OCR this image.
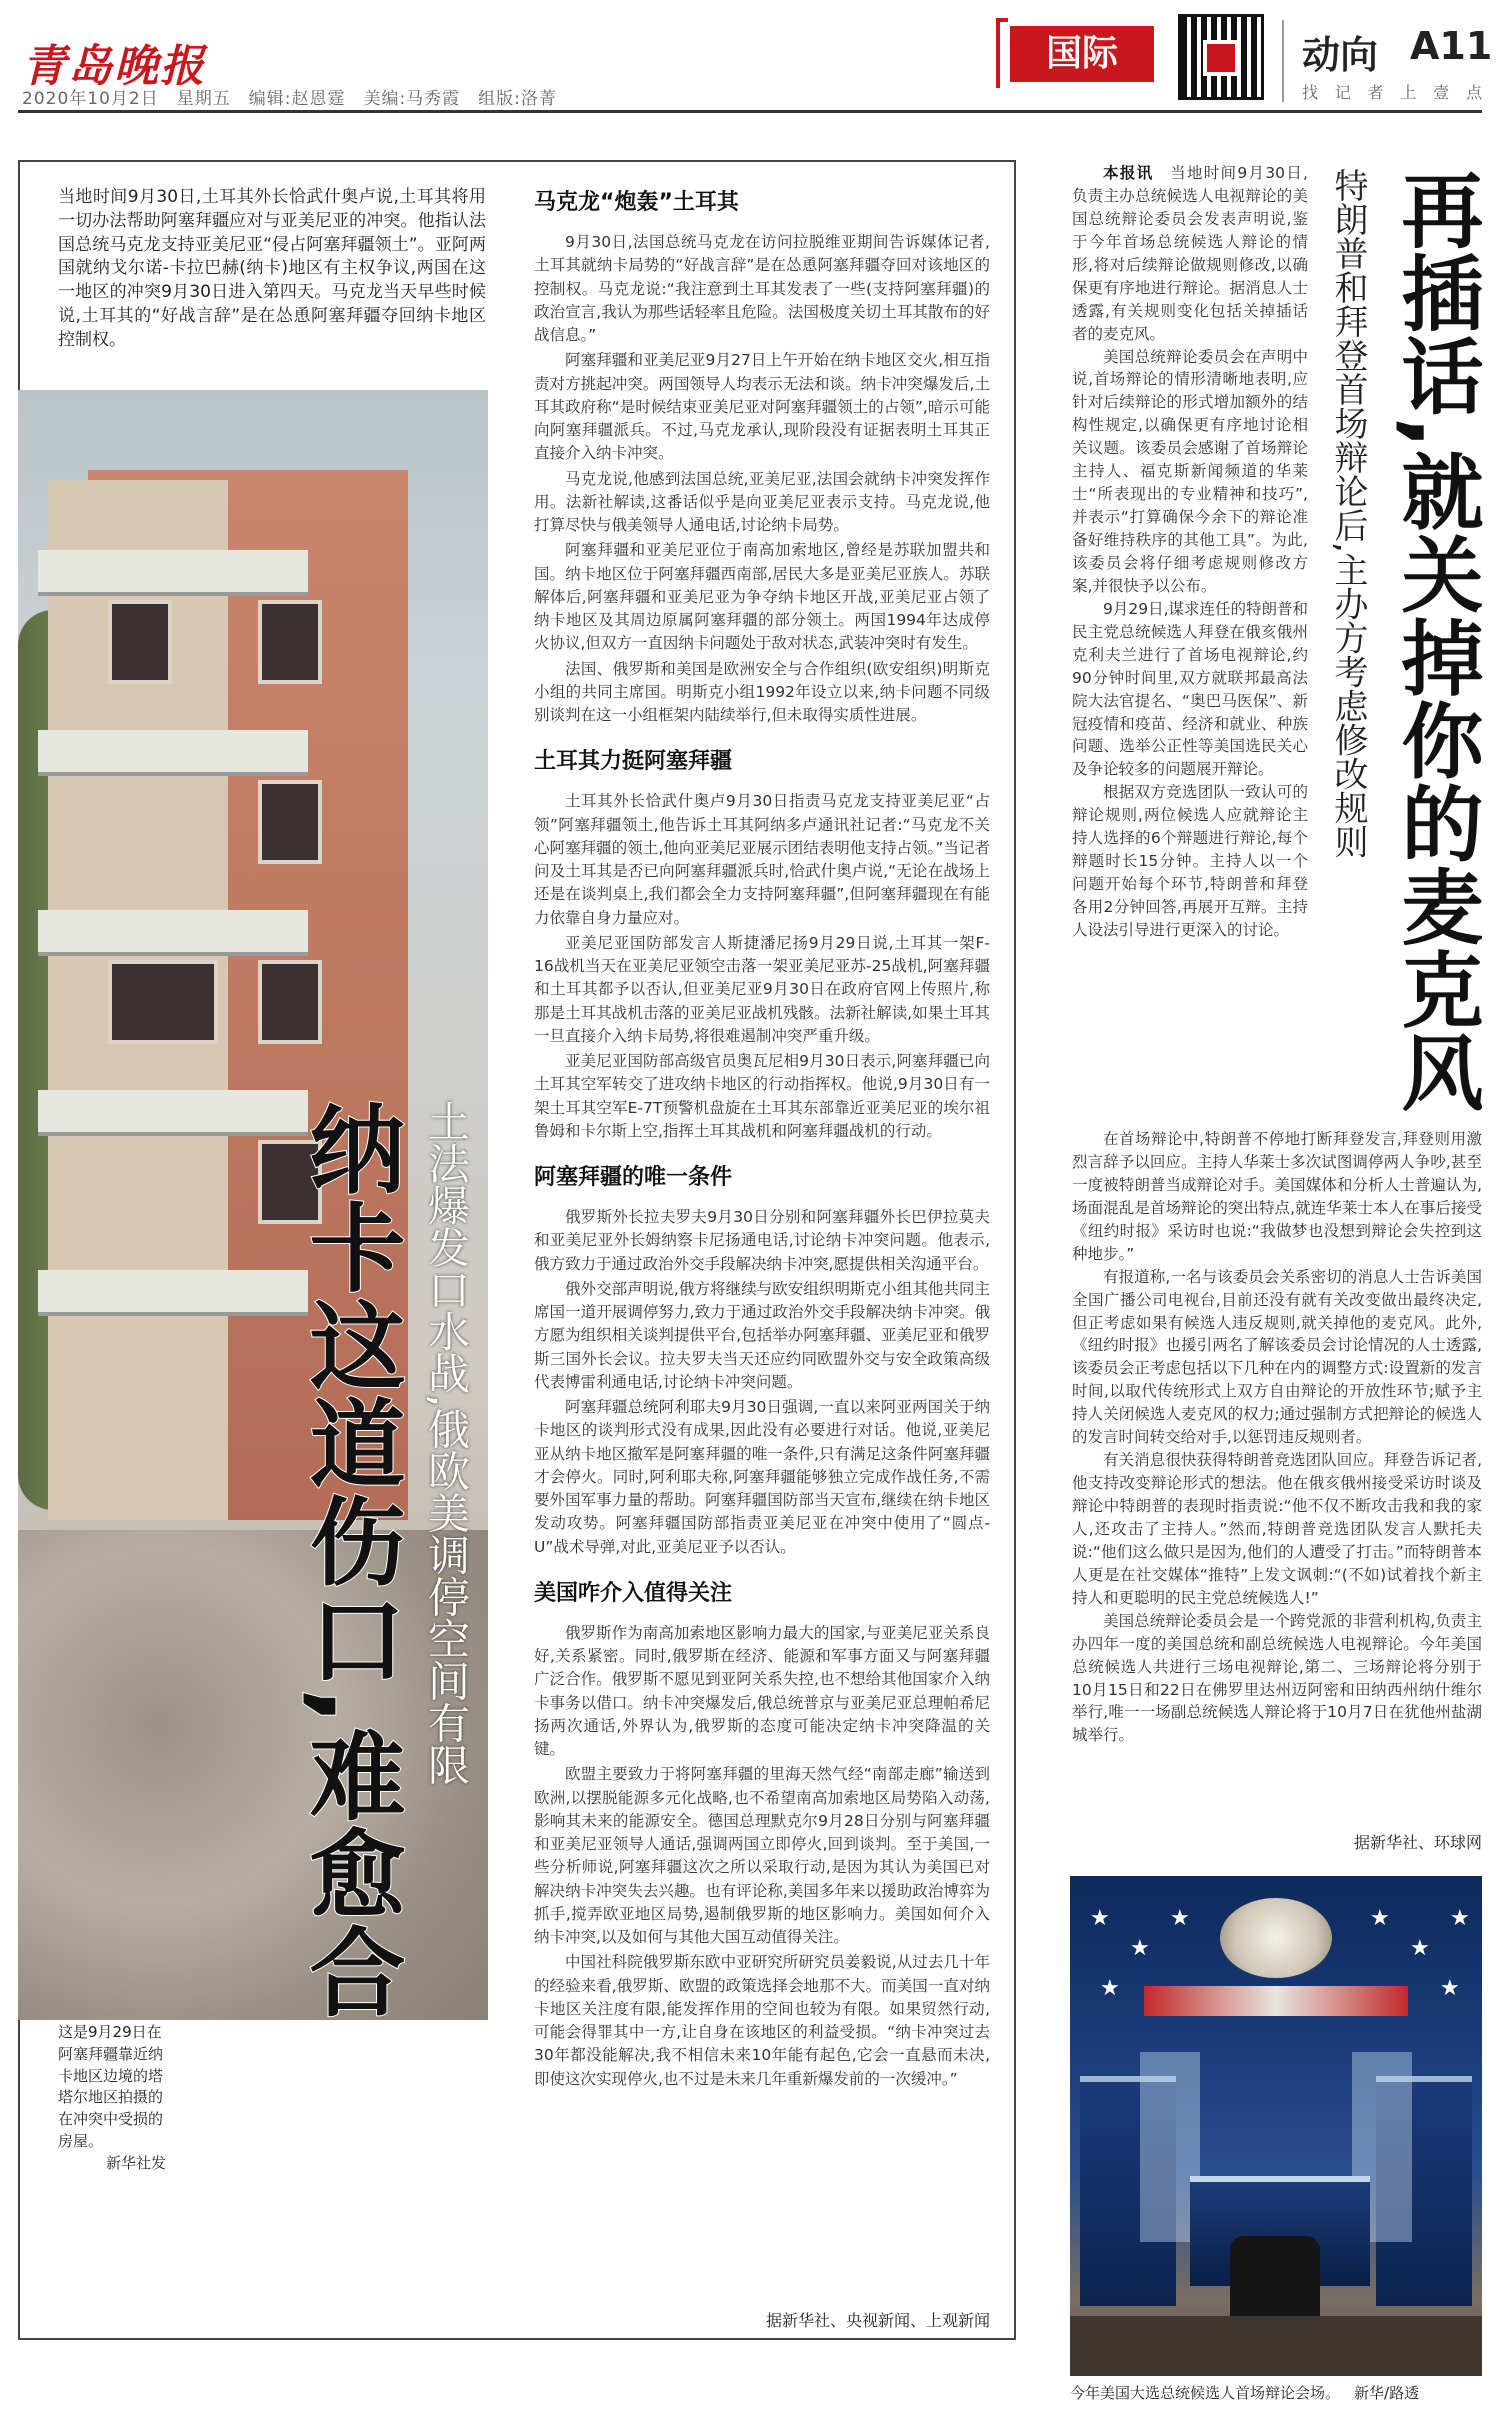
青岛晚报
2020年10月2日　星期五　编辑:赵恩霆　美编:马秀霞　组版:洛菁
国际	动向 A11
找 记 者 上 壹 点
当地时间9月30日,土耳其外长恰武什奥卢说,土耳其将用一切办法帮助阿塞拜疆应对与亚美尼亚的冲突。他指认法国总统马克龙支持亚美尼亚“侵占阿塞拜疆领土”。亚阿两国就纳戈尔诺-卡拉巴赫(纳卡)地区有主权争议,两国在这一地区的冲突9月30日进入第四天。马克龙当天早些时候说,土耳其的“好战言辞”是在怂恿阿塞拜疆夺回纳卡地区控制权。
纳卡这道伤口,难愈合 土法爆发口水战,俄欧美调停空间有限
这是9月29日在阿塞拜疆靠近纳卡地区边境的塔塔尔地区拍摄的在冲突中受损的房屋。
新华社发
马克龙“炮轰”土耳其

9月30日,法国总统马克龙在访问拉脱维亚期间告诉媒体记者,土耳其就纳卡局势的“好战言辞”是在怂恿阿塞拜疆夺回对该地区的控制权。马克龙说:“我注意到土耳其发表了一些(支持阿塞拜疆)的政治宣言,我认为那些话轻率且危险。法国极度关切土耳其散布的好战信息。”

阿塞拜疆和亚美尼亚9月27日上午开始在纳卡地区交火,相互指责对方挑起冲突。两国领导人均表示无法和谈。纳卡冲突爆发后,土耳其政府称“是时候结束亚美尼亚对阿塞拜疆领土的占领”,暗示可能向阿塞拜疆派兵。不过,马克龙承认,现阶段没有证据表明土耳其正直接介入纳卡冲突。

马克龙说,他感到法国总统,亚美尼亚,法国会就纳卡冲突发挥作用。法新社解读,这番话似乎是向亚美尼亚表示支持。马克龙说,他打算尽快与俄美领导人通电话,讨论纳卡局势。

阿塞拜疆和亚美尼亚位于南高加索地区,曾经是苏联加盟共和国。纳卡地区位于阿塞拜疆西南部,居民大多是亚美尼亚族人。苏联解体后,阿塞拜疆和亚美尼亚为争夺纳卡地区开战,亚美尼亚占领了纳卡地区及其周边原属阿塞拜疆的部分领土。两国1994年达成停火协议,但双方一直因纳卡问题处于敌对状态,武装冲突时有发生。

法国、俄罗斯和美国是欧洲安全与合作组织(欧安组织)明斯克小组的共同主席国。明斯克小组1992年设立以来,纳卡问题不同级别谈判在这一小组框架内陆续举行,但未取得实质性进展。

土耳其力挺阿塞拜疆

土耳其外长恰武什奥卢9月30日指责马克龙支持亚美尼亚“占领”阿塞拜疆领土,他告诉土耳其阿纳多卢通讯社记者:“马克龙不关心阿塞拜疆的领土,他向亚美尼亚展示团结表明他支持占领。”当记者问及土耳其是否已向阿塞拜疆派兵时,恰武什奥卢说,“无论在战场上还是在谈判桌上,我们都会全力支持阿塞拜疆”,但阿塞拜疆现在有能力依靠自身力量应对。

亚美尼亚国防部发言人斯捷潘尼扬9月29日说,土耳其一架F-16战机当天在亚美尼亚领空击落一架亚美尼亚苏-25战机,阿塞拜疆和土耳其都予以否认,但亚美尼亚9月30日在政府官网上传照片,称那是土耳其战机击落的亚美尼亚战机残骸。法新社解读,如果土耳其一旦直接介入纳卡局势,将很难遏制冲突严重升级。

亚美尼亚国防部高级官员奥瓦尼相9月30日表示,阿塞拜疆已向土耳其空军转交了进攻纳卡地区的行动指挥权。他说,9月30日有一架土耳其空军E-7T预警机盘旋在土耳其东部靠近亚美尼亚的埃尔祖鲁姆和卡尔斯上空,指挥土耳其战机和阿塞拜疆战机的行动。

阿塞拜疆的唯一条件

俄罗斯外长拉夫罗夫9月30日分别和阿塞拜疆外长巴伊拉莫夫和亚美尼亚外长姆纳察卡尼扬通电话,讨论纳卡冲突问题。他表示,俄方致力于通过政治外交手段解决纳卡冲突,愿提供相关沟通平台。

俄外交部声明说,俄方将继续与欧安组织明斯克小组其他共同主席国一道开展调停努力,致力于通过政治外交手段解决纳卡冲突。俄方愿为组织相关谈判提供平台,包括举办阿塞拜疆、亚美尼亚和俄罗斯三国外长会议。拉夫罗夫当天还应约同欧盟外交与安全政策高级代表博雷利通电话,讨论纳卡冲突问题。

阿塞拜疆总统阿利耶夫9月30日强调,一直以来阿亚两国关于纳卡地区的谈判形式没有成果,因此没有必要进行对话。他说,亚美尼亚从纳卡地区撤军是阿塞拜疆的唯一条件,只有满足这条件阿塞拜疆才会停火。同时,阿利耶夫称,阿塞拜疆能够独立完成作战任务,不需要外国军事力量的帮助。阿塞拜疆国防部当天宣布,继续在纳卡地区发动攻势。阿塞拜疆国防部指责亚美尼亚在冲突中使用了“圆点-U”战术导弹,对此,亚美尼亚予以否认。

美国咋介入值得关注

俄罗斯作为南高加索地区影响力最大的国家,与亚美尼亚关系良好,关系紧密。同时,俄罗斯在经济、能源和军事方面又与阿塞拜疆广泛合作。俄罗斯不愿见到亚阿关系失控,也不想给其他国家介入纳卡事务以借口。纳卡冲突爆发后,俄总统普京与亚美尼亚总理帕希尼扬两次通话,外界认为,俄罗斯的态度可能决定纳卡冲突降温的关键。

欧盟主要致力于将阿塞拜疆的里海天然气经“南部走廊”输送到欧洲,以摆脱能源多元化战略,也不希望南高加索地区局势陷入动荡,影响其未来的能源安全。德国总理默克尔9月28日分别与阿塞拜疆和亚美尼亚领导人通话,强调两国立即停火,回到谈判。至于美国,一些分析师说,阿塞拜疆这次之所以采取行动,是因为其认为美国已对解决纳卡冲突失去兴趣。也有评论称,美国多年来以援助政治博弈为抓手,搅弄欧亚地区局势,遏制俄罗斯的地区影响力。美国如何介入纳卡冲突,以及如何与其他大国互动值得关注。

中国社科院俄罗斯东欧中亚研究所研究员姜毅说,从过去几十年的经验来看,俄罗斯、欧盟的政策选择会地那不大。而美国一直对纳卡地区关注度有限,能发挥作用的空间也较为有限。如果贸然行动,可能会得罪其中一方,让自身在该地区的利益受损。“纳卡冲突过去30年都没能解决,我不相信未来10年能有起色,它会一直悬而未决,即使这次实现停火,也不过是未来几年重新爆发前的一次缓冲。”

据新华社、央视新闻、上观新闻
再插话,就关掉你的麦克风
特朗普和拜登首场辩论后,主办方考虑修改规则

本报讯　 当地时间9月30日,负责主办总统候选人电视辩论的美国总统辩论委员会发表声明说,鉴于今年首场总统候选人辩论的情形,将对后续辩论做规则修改,以确保更有序地进行辩论。据消息人士透露,有关规则变化包括关掉插话者的麦克风。

美国总统辩论委员会在声明中说,首场辩论的情形清晰地表明,应针对后续辩论的形式增加额外的结构性规定,以确保更有序地讨论相关议题。该委员会感谢了首场辩论主持人、福克斯新闻频道的华莱士“所表现出的专业精神和技巧”,并表示“打算确保今余下的辩论准备好维持秩序的其他工具”。为此,该委员会将仔细考虑规则修改方案,并很快予以公布。

9月29日,谋求连任的特朗普和民主党总统候选人拜登在俄亥俄州克利夫兰进行了首场电视辩论,约90分钟时间里,双方就联邦最高法院大法官提名、“奥巴马医保”、新冠疫情和疫苗、经济和就业、种族问题、选举公正性等美国选民关心及争论较多的问题展开辩论。

根据双方竞选团队一致认可的辩论规则,两位候选人应就辩论主持人选择的6个辩题进行辩论,每个辩题时长15分钟。主持人以一个问题开始每个环节,特朗普和拜登各用2分钟回答,再展开互辩。主持人设法引导进行更深入的讨论。

在首场辩论中,特朗普不停地打断拜登发言,拜登则用激烈言辞予以回应。主持人华莱士多次试图调停两人争吵,甚至一度被特朗普当成辩论对手。美国媒体和分析人士普遍认为,场面混乱是首场辩论的突出特点,就连华莱士本人在事后接受《纽约时报》采访时也说:“我做梦也没想到辩论会失控到这种地步。”

有报道称,一名与该委员会关系密切的消息人士告诉美国全国广播公司电视台,目前还没有就有关改变做出最终决定,但正考虑如果有候选人违反规则,就关掉他的麦克风。此外,《纽约时报》也援引两名了解该委员会讨论情况的人士透露,该委员会正考虑包括以下几种在内的调整方式:设置新的发言时间,以取代传统形式上双方自由辩论的开放性环节;赋予主持人关闭候选人麦克风的权力;通过强制方式把辩论的候选人的发言时间转交给对手,以惩罚违反规则者。

有关消息很快获得特朗普竞选团队回应。拜登告诉记者,他支持改变辩论形式的想法。他在俄亥俄州接受采访时谈及辩论中特朗普的表现时指责说:“他不仅不断攻击我和我的家人,还攻击了主持人。”然而,特朗普竞选团队发言人默托夫说:“他们这么做只是因为,他们的人遭受了打击。”而特朗普本人更是在社交媒体“推特”上发文讽刺:“(不如)试着找个新主持人和更聪明的民主党总统候选人!”

美国总统辩论委员会是一个跨党派的非营利机构,负责主办四年一度的美国总统和副总统候选人电视辩论。今年美国总统候选人共进行三场电视辩论,第二、三场辩论将分别于10月15日和22日在佛罗里达州迈阿密和田纳西州纳什维尔举行,唯一一场副总统候选人辩论将于10月7日在犹他州盐湖城举行。

据新华社、环球网
★
★
★	★
★
★
★	★
今年美国大选总统候选人首场辩论会场。 新华/路透
